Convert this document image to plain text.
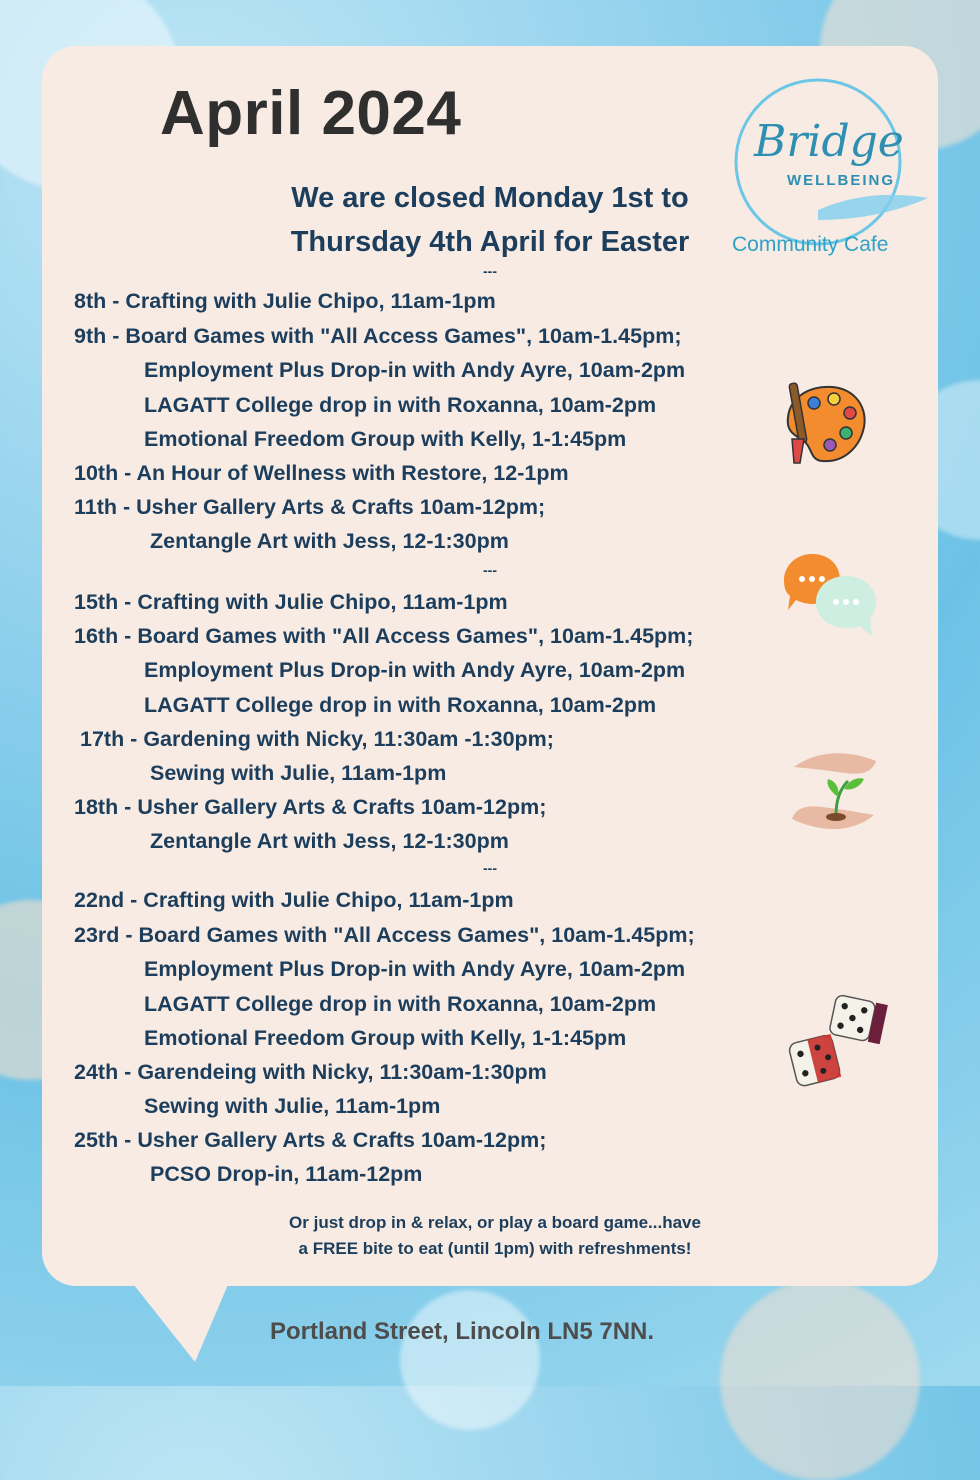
April 2024
We are closed Monday 1st to
Thursday 4th April for Easter
Bridge
WELLBEING
Community Cafe
---
---
---
8th - Crafting with Julie Chipo, 11am-1pm
9th - Board Games with "All Access Games", 10am-1.45pm;
Employment Plus Drop-in with Andy Ayre, 10am-2pm
LAGATT College drop in with Roxanna, 10am-2pm
Emotional Freedom Group with Kelly, 1-1:45pm
10th - An Hour of Wellness with Restore, 12-1pm
11th - Usher Gallery Arts & Crafts 10am-12pm;
Zentangle Art with Jess, 12-1:30pm
15th - Crafting with Julie Chipo, 11am-1pm
16th - Board Games with "All Access Games", 10am-1.45pm;
Employment Plus Drop-in with Andy Ayre, 10am-2pm
LAGATT College drop in with Roxanna, 10am-2pm
17th - Gardening with Nicky, 11:30am -1:30pm;
Sewing with Julie, 11am-1pm
18th - Usher Gallery Arts & Crafts 10am-12pm;
Zentangle Art with Jess, 12-1:30pm
22nd - Crafting with Julie Chipo, 11am-1pm
23rd - Board Games with "All Access Games", 10am-1.45pm;
Employment Plus Drop-in with Andy Ayre, 10am-2pm
LAGATT College drop in with Roxanna, 10am-2pm
Emotional Freedom Group with Kelly, 1-1:45pm
24th - Garendeing with Nicky, 11:30am-1:30pm
Sewing with Julie, 11am-1pm
25th - Usher Gallery Arts & Crafts 10am-12pm;
PCSO Drop-in, 11am-12pm
Or just drop in & relax, or play a board game...have
a FREE bite to eat (until 1pm) with refreshments!
Portland Street, Lincoln LN5 7NN.
